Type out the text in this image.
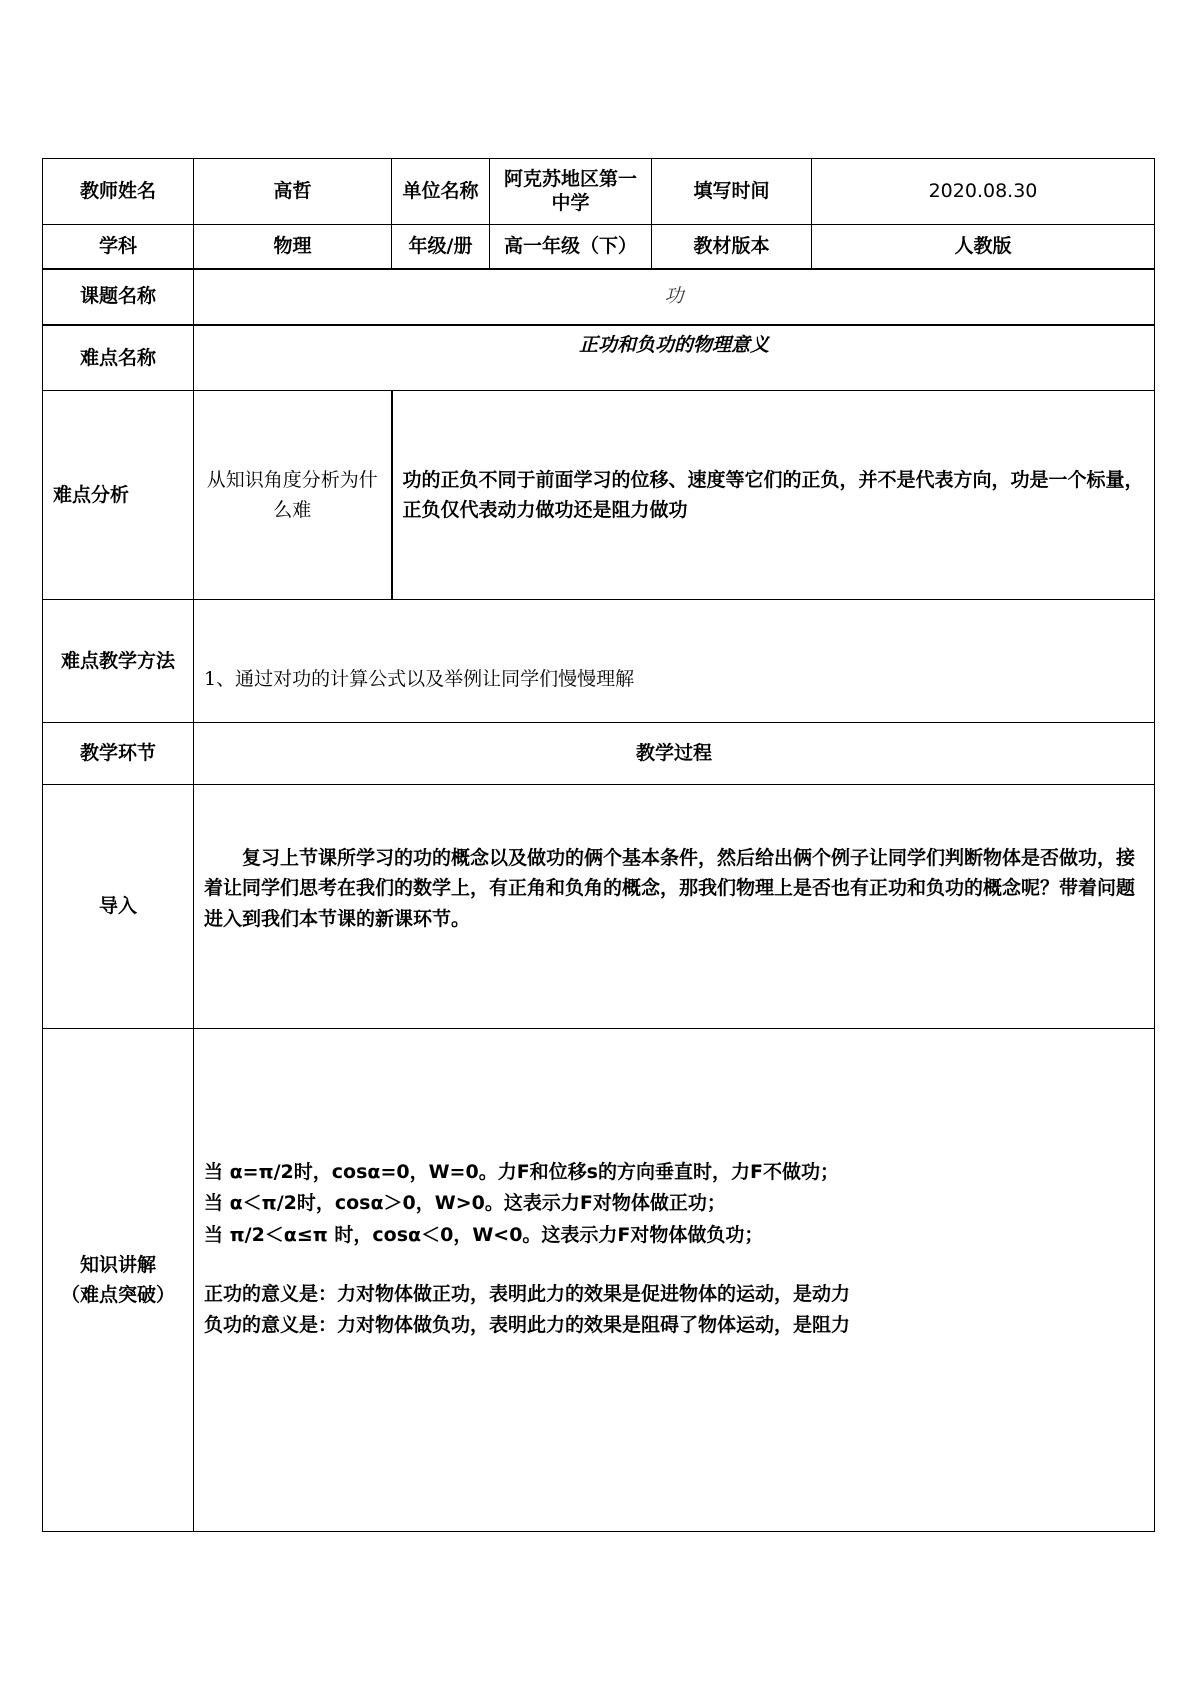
教师姓名	高哲	单位名称	阿克苏地区第一中学	填写时间	2020.08.30
学科	物理	年级/册	高一年级（下）	教材版本	人教版
课题名称	功				
难点名称	正功和负功的物理意义				
难点分析	从知识角度分析为什么难	功的正负不同于前面学习的位移、速度等它们的正负，并不是代表方向，功是一个标量，正负仅代表动力做功还是阻力做功			
难点教学方法	1、通过对功的计算公式以及举例让同学们慢慢理解				
教学环节	教学过程				
导入	复习上节课所学习的功的概念以及做功的俩个基本条件，然后给出俩个例子让同学们判断物体是否做功，接着让同学们思考在我们的数学上，有正角和负角的概念，那我们物理上是否也有正功和负功的概念呢？带着问题进入到我们本节课的新课环节。				

知识讲解
（难点突破）	当 α=π/2时，cosα=0，W=0。力F和位移s的方向垂直时，力F不做功；
当 α＜π/2时，cosα＞0，W>0。这表示力F对物体做正功；
当 π/2＜α≤π 时，cosα＜0，W<0。这表示力F对物体做负功；
正功的意义是：力对物体做正功，表明此力的效果是促进物体的运动，是动力
负功的意义是：力对物体做负功，表明此力的效果是阻碍了物体运动，是阻力				
